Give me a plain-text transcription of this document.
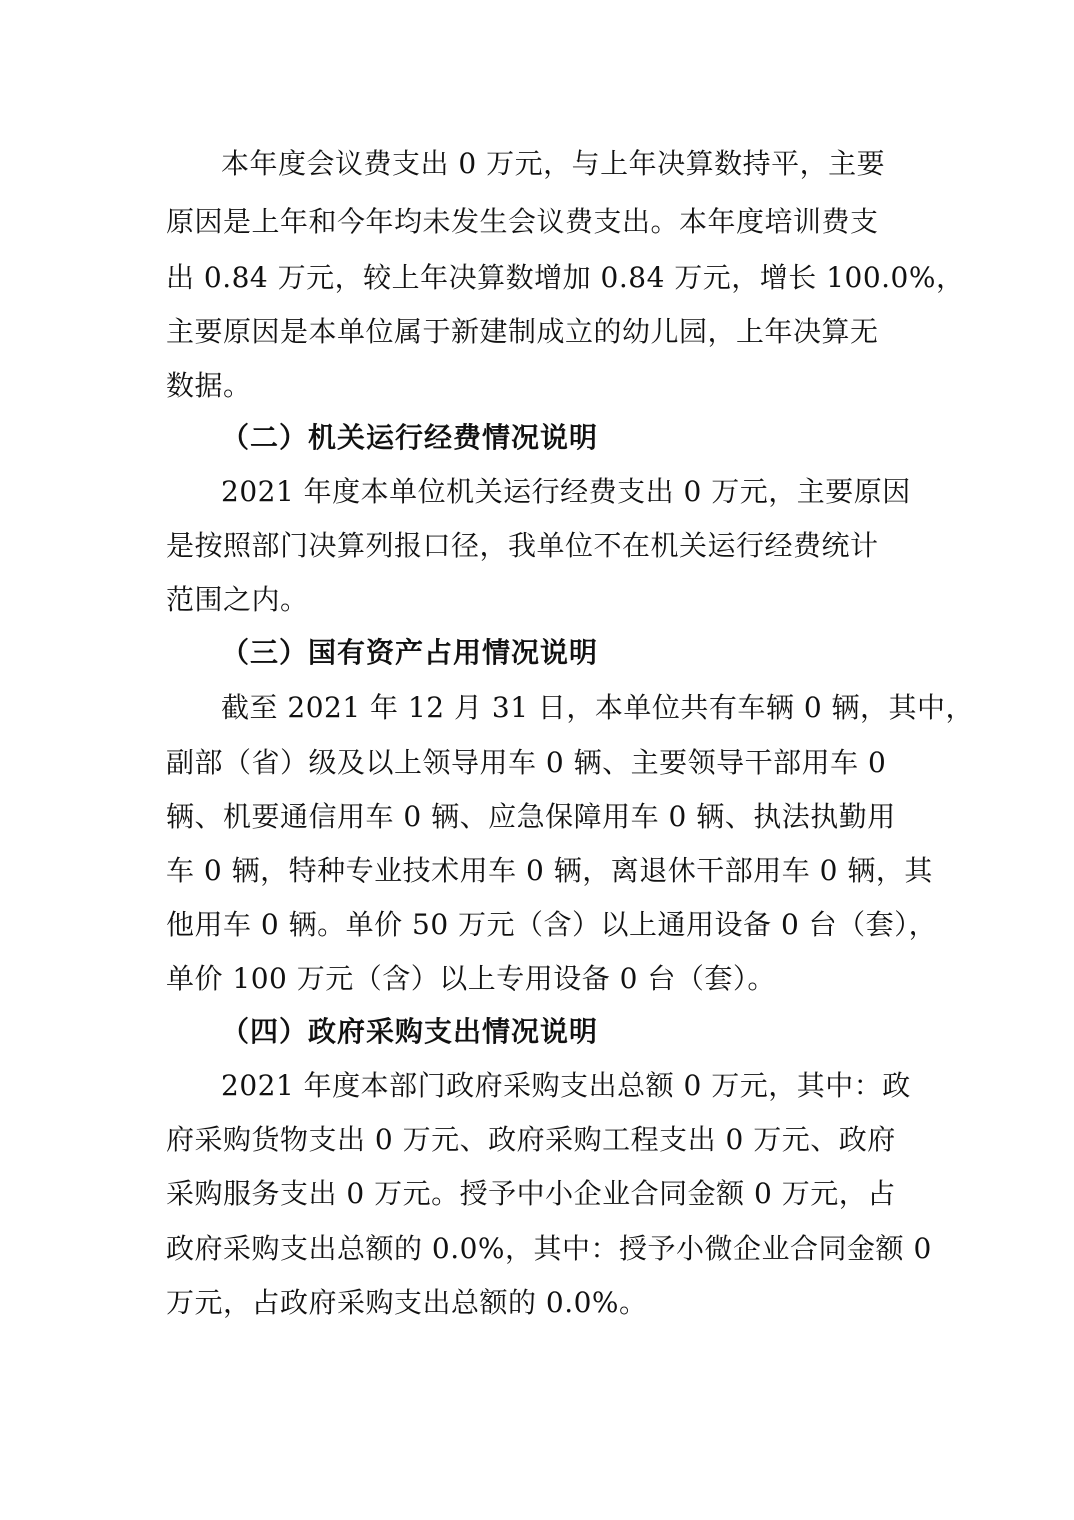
本年度会议费支出 0 万元，与上年决算数持平，主要
原因是上年和今年均未发生会议费支出。本年度培训费支
出 0.84 万元，较上年决算数增加 0.84 万元，增长 100.0%，
主要原因是本单位属于新建制成立的幼儿园，上年决算无
数据。
（二）机关运行经费情况说明
2021 年度本单位机关运行经费支出 0 万元，主要原因
是按照部门决算列报口径，我单位不在机关运行经费统计
范围之内。
（三）国有资产占用情况说明
截至 2021 年 12 月 31 日，本单位共有车辆 0 辆，其中，
副部（省）级及以上领导用车 0 辆、主要领导干部用车 0
辆、机要通信用车 0 辆、应急保障用车 0 辆、执法执勤用
车 0 辆，特种专业技术用车 0 辆，离退休干部用车 0 辆，其
他用车 0 辆。单价 50 万元（含）以上通用设备 0 台（套），
单价 100 万元（含）以上专用设备 0 台（套）。
（四）政府采购支出情况说明
2021 年度本部门政府采购支出总额 0 万元，其中：政
府采购货物支出 0 万元、政府采购工程支出 0 万元、政府
采购服务支出 0 万元。授予中小企业合同金额 0 万元，占
政府采购支出总额的 0.0%，其中：授予小微企业合同金额 0
万元，占政府采购支出总额的 0.0%。
